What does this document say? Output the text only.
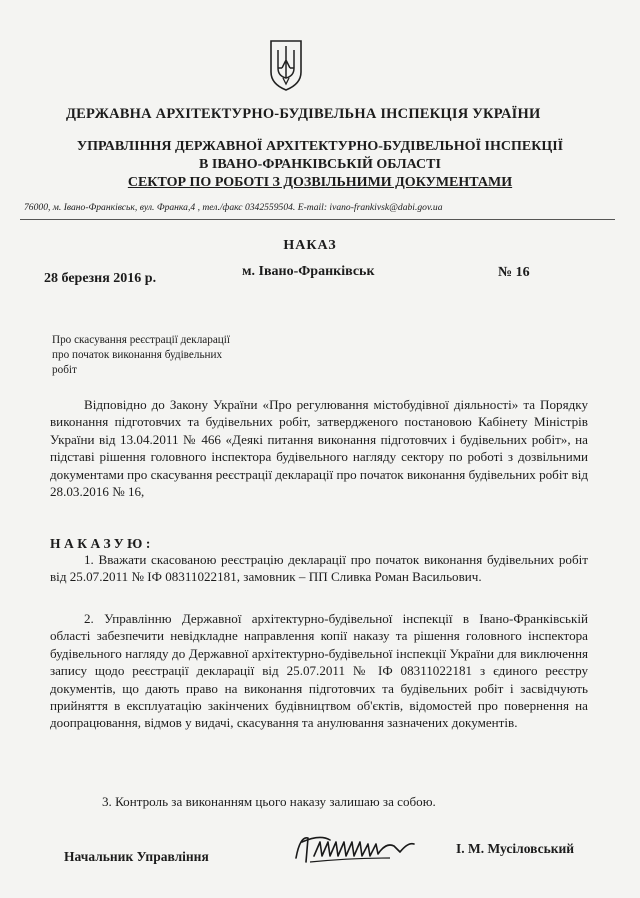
ДЕРЖАВНА АРХІТЕКТУРНО-БУДІВЕЛЬНА ІНСПЕКЦІЯ УКРАЇНИ
УПРАВЛІННЯ ДЕРЖАВНОЇ АРХІТЕКТУРНО-БУДІВЕЛЬНОЇ ІНСПЕКЦІЇ
В ІВАНО-ФРАНКІВСЬКІЙ ОБЛАСТІ
СЕКТОР ПО РОБОТІ З ДОЗВІЛЬНИМИ ДОКУМЕНТАМИ
76000, м. Івано-Франківськ, вул. Франка,4 , тел./факс 0342559504. E-mail: ivano-frankivsk@dabi.gov.ua
НАКАЗ
28 березня 2016 р.	м. Івано-Франківськ	№ 16
Про скасування реєстрації декларації
про початок виконання будівельних
робіт
Відповідно до Закону України «Про регулювання містобудівної діяльності» та Порядку виконання підготовчих та будівельних робіт, затвердженого постановою Кабінету Міністрів України від 13.04.2011 № 466 «Деякі питання виконання підготовчих і будівельних робіт», на підставі рішення головного інспектора будівельного нагляду сектору по роботі з дозвільними документами про скасування реєстрації декларації про початок виконання будівельних робіт від 28.03.2016 № 16,
НАКАЗУЮ:
1. Вважати скасованою реєстрацію декларації про початок виконання будівельних робіт від 25.07.2011 № ІФ 08311022181, замовник – ПП Сливка Роман Васильович.
2. Управлінню Державної архітектурно-будівельної інспекції в Івано-Франківській області забезпечити невідкладне направлення копії наказу та рішення головного інспектора будівельного нагляду до Державної архітектурно-будівельної інспекції України для виключення запису щодо реєстрації декларації від 25.07.2011 № ІФ 08311022181 з єдиного реєстру документів, що дають право на виконання підготовчих та будівельних робіт і засвідчують прийняття в експлуатацію закінчених будівництвом об'єктів, відомостей про повернення на доопрацювання, відмов у видачі, скасування та анулювання зазначених документів.
3. Контроль за виконанням цього наказу залишаю за собою.
Начальник Управління
І. М. Мусіловський
